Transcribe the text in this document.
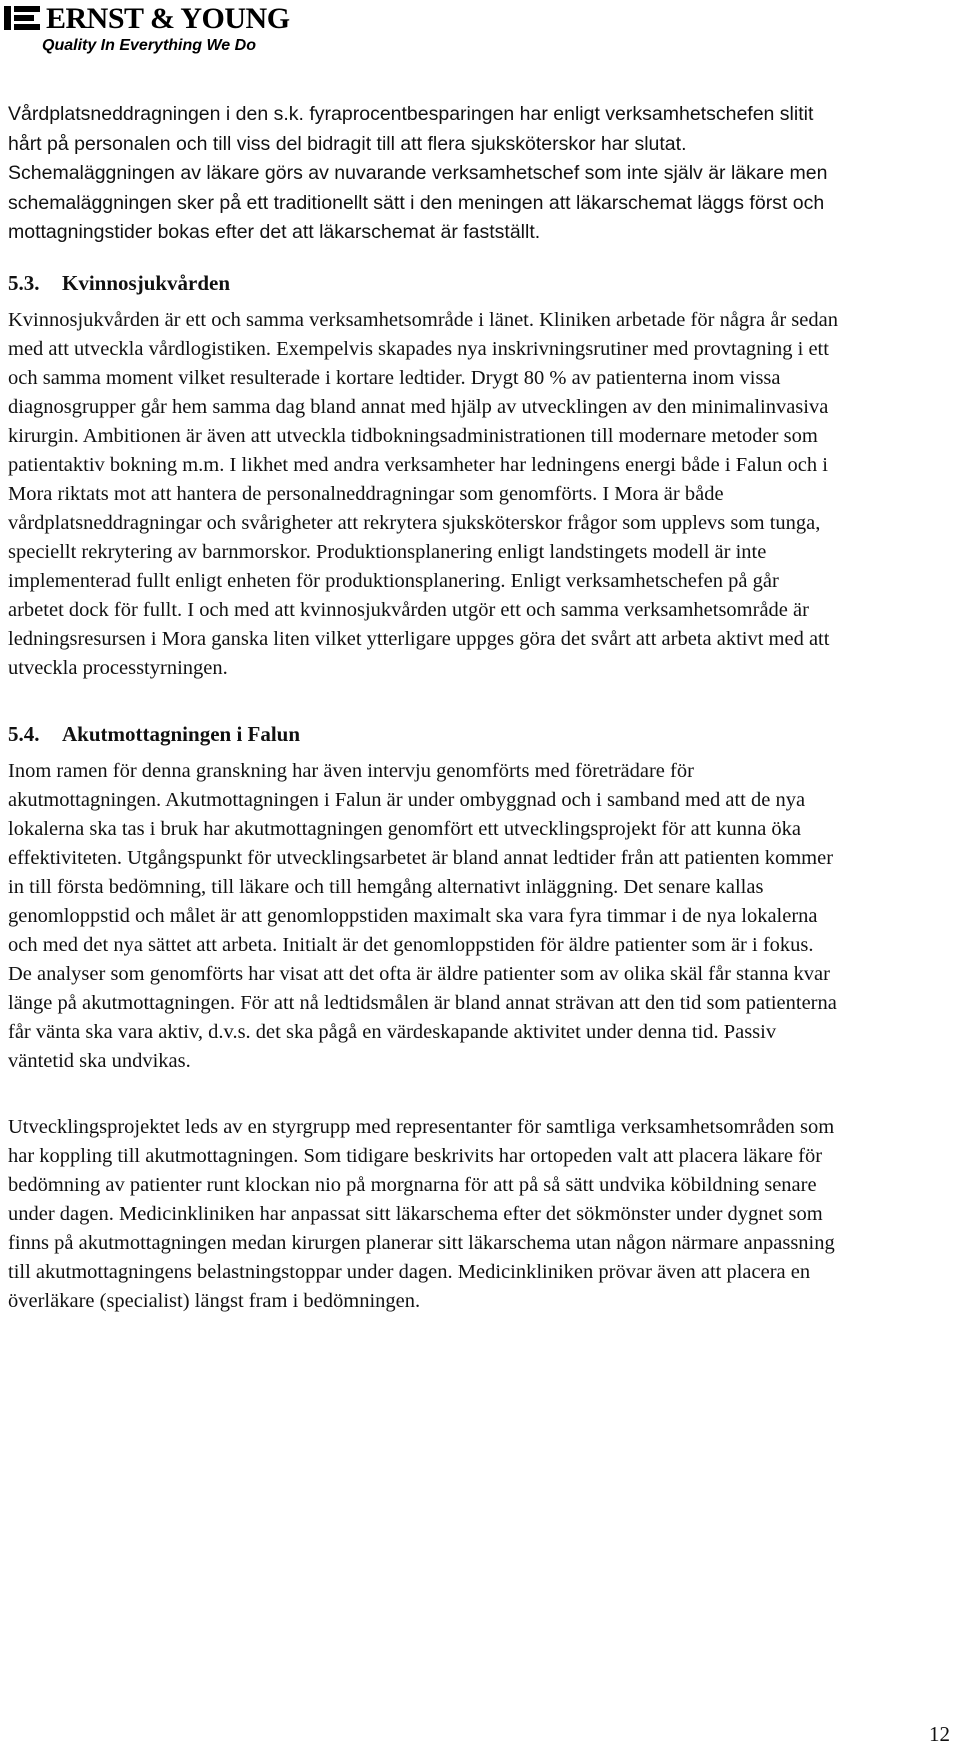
ERNST & YOUNG
Quality In Everything We Do

Vårdplatsneddragningen i den s.k. fyraprocentbesparingen har enligt verksamhetschefen slitit hårt på personalen och till viss del bidragit till att flera sjuksköterskor har slutat. Schemaläggningen av läkare görs av nuvarande verksamhetschef som inte själv är läkare men schemaläggningen sker på ett traditionellt sätt i den meningen att läkarschemat läggs först och mottagningstider bokas efter det att läkarschemat är fastställt.

5.3.	Kvinnosjukvården

Kvinnosjukvården är ett och samma verksamhetsområde i länet. Kliniken arbetade för några år sedan med att utveckla vårdlogistiken. Exempelvis skapades nya inskrivningsrutiner med provtagning i ett och samma moment vilket resulterade i kortare ledtider. Drygt 80 % av patienterna inom vissa diagnosgrupper går hem samma dag bland annat med hjälp av utvecklingen av den minimalinvasiva kirurgin. Ambitionen är även att utveckla tidbokningsadministrationen till modernare metoder som patientaktiv bokning m.m. I likhet med andra verksamheter har ledningens energi både i Falun och i Mora riktats mot att hantera de personalneddragningar som genomförts. I Mora är både vårdplatsneddragningar och svårigheter att rekrytera sjuksköterskor frågor som upplevs som tunga, speciellt rekrytering av barnmorskor. Produktionsplanering enligt landstingets modell är inte implementerad fullt enligt enheten för produktionsplanering. Enligt verksamhetschefen på går arbetet dock för fullt. I och med att kvinnosjukvården utgör ett och samma verksamhetsområde är ledningsresursen i Mora ganska liten vilket ytterligare uppges göra det svårt att arbeta aktivt med att utveckla processtyrningen.

5.4.	Akutmottagningen i Falun

Inom ramen för denna granskning har även intervju genomförts med företrädare för akutmottagningen. Akutmottagningen i Falun är under ombyggnad och i samband med att de nya lokalerna ska tas i bruk har akutmottagningen genomfört ett utvecklingsprojekt för att kunna öka effektiviteten. Utgångspunkt för utvecklingsarbetet är bland annat ledtider från att patienten kommer in till första bedömning, till läkare och till hemgång alternativt inläggning. Det senare kallas genomloppstid och målet är att genomloppstiden maximalt ska vara fyra timmar i de nya lokalerna och med det nya sättet att arbeta. Initialt är det genomloppstiden för äldre patienter som är i fokus. De analyser som genomförts har visat att det ofta är äldre patienter som av olika skäl får stanna kvar länge på akutmottagningen. För att nå ledtidsmålen är bland annat strävan att den tid som patienterna får vänta ska vara aktiv, d.v.s. det ska pågå en värdeskapande aktivitet under denna tid. Passiv väntetid ska undvikas.

Utvecklingsprojektet leds av en styrgrupp med representanter för samtliga verksamhetsområden som har koppling till akutmottagningen. Som tidigare beskrivits har ortopeden valt att placera läkare för bedömning av patienter runt klockan nio på morgnarna för att på så sätt undvika köbildning senare under dagen. Medicinkliniken har anpassat sitt läkarschema efter det sökmönster under dygnet som finns på akutmottagningen medan kirurgen planerar sitt läkarschema utan någon närmare anpassning till akutmottagningens belastningstoppar under dagen. Medicinkliniken prövar även att placera en överläkare (specialist) längst fram i bedömningen.

12
